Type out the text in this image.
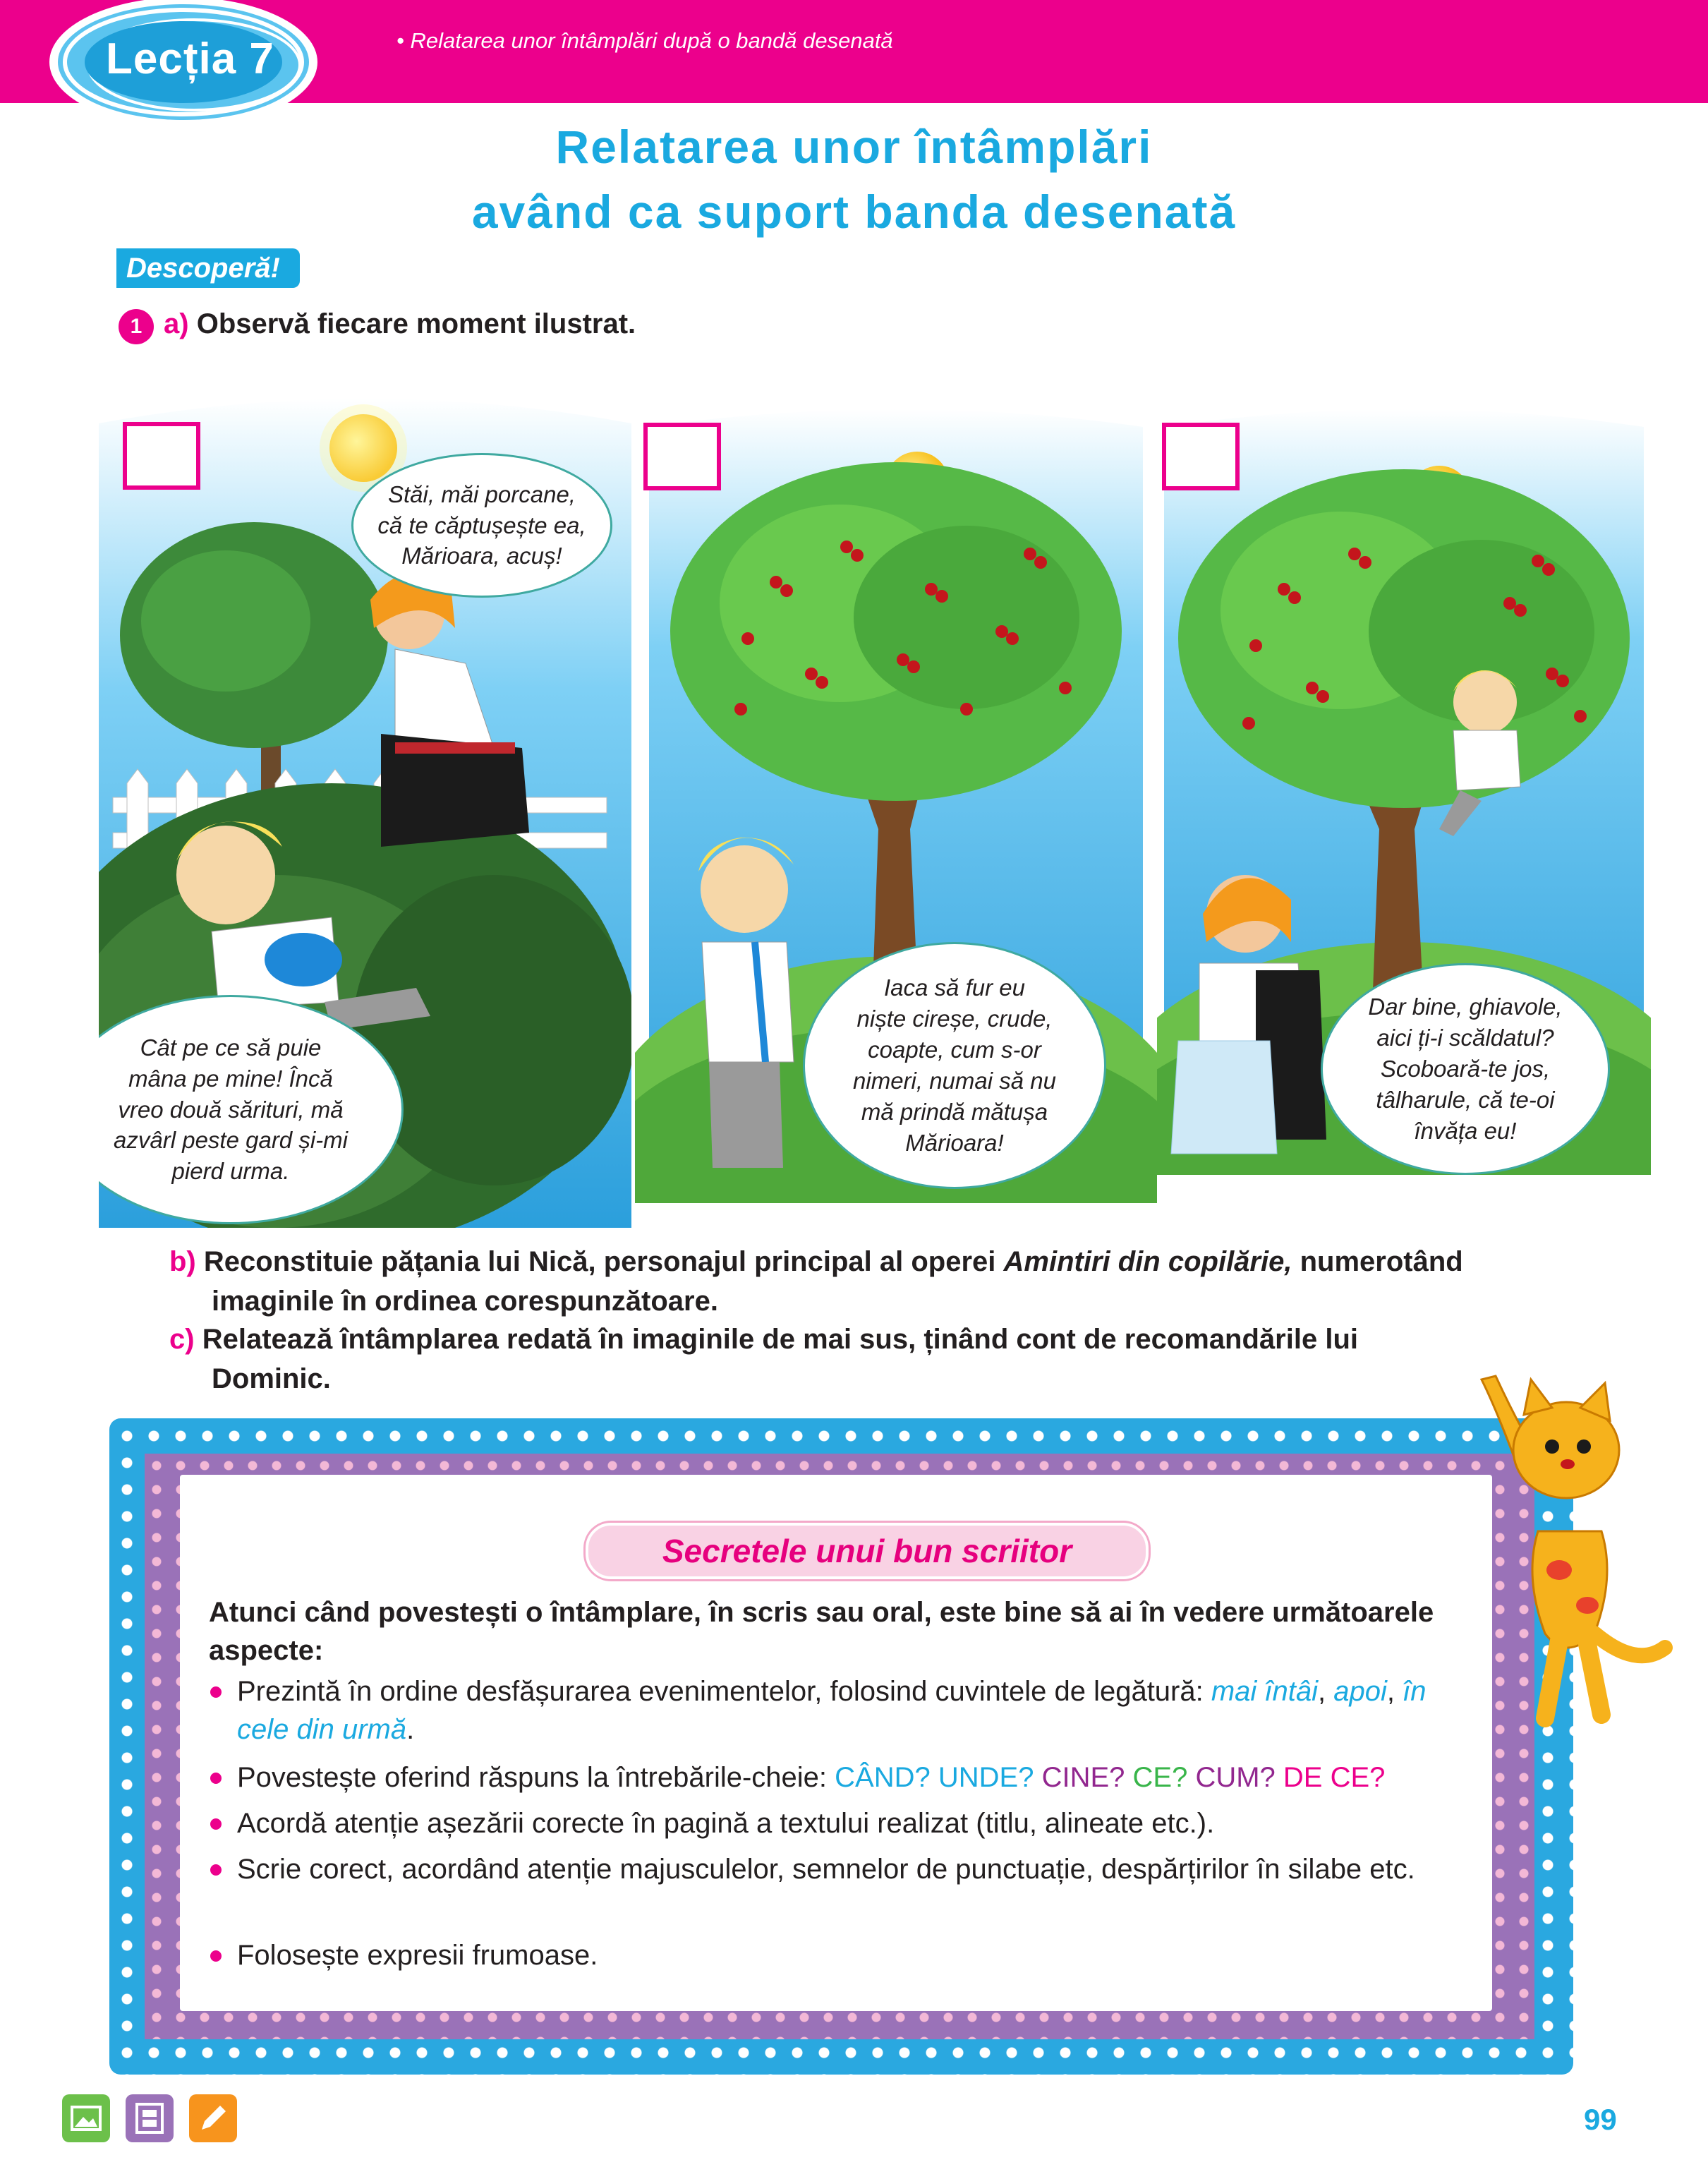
Lecția 7	• Relatarea unor întâmplări după o bandă desenată
Relatarea unor întâmplări
având ca suport banda desenată
Descoperă!
1 a) Observă fiecare moment ilustrat.
Stăi, măi porcane,
că te căptușește ea,
Mărioara, acuș!
Cât pe ce să puie
mâna pe mine! Încă
vreo două sărituri, mă
azvârl peste gard și-mi
pierd urma.
Iaca să fur eu
niște cireșe, crude,
coapte, cum s-or
nimeri, numai să nu
mă prindă mătușa
Mărioara!
Dar bine, ghiavole,
aici ți-i scăldatul?
Scoboară-te jos,
tâlharule, că te-oi
învăța eu!
b) Reconstituie pățania lui Nică, personajul principal al operei Amintiri din copilărie, numerotând
imaginile în ordinea corespunzătoare.
c) Relatează întâmplarea redată în imaginile de mai sus, ținând cont de recomandările lui
Dominic.
Secretele unui bun scriitor
Atunci când povestești o întâmplare, în scris sau oral, este bine să ai în vedere următoarele aspecte:
Prezintă în ordine desfășurarea evenimentelor, folosind cuvintele de legătură: mai întâi, apoi, în cele din urmă.
Povestește oferind răspuns la întrebările-cheie: CÂND? UNDE? CINE? CE? CUM? DE CE?
Acordă atenție așezării corecte în pagină a textului realizat (titlu, alineate etc.).
Scrie corect, acordând atenție majusculelor, semnelor de punctuație, despărțirilor în silabe etc.
Folosește expresii frumoase.
99
